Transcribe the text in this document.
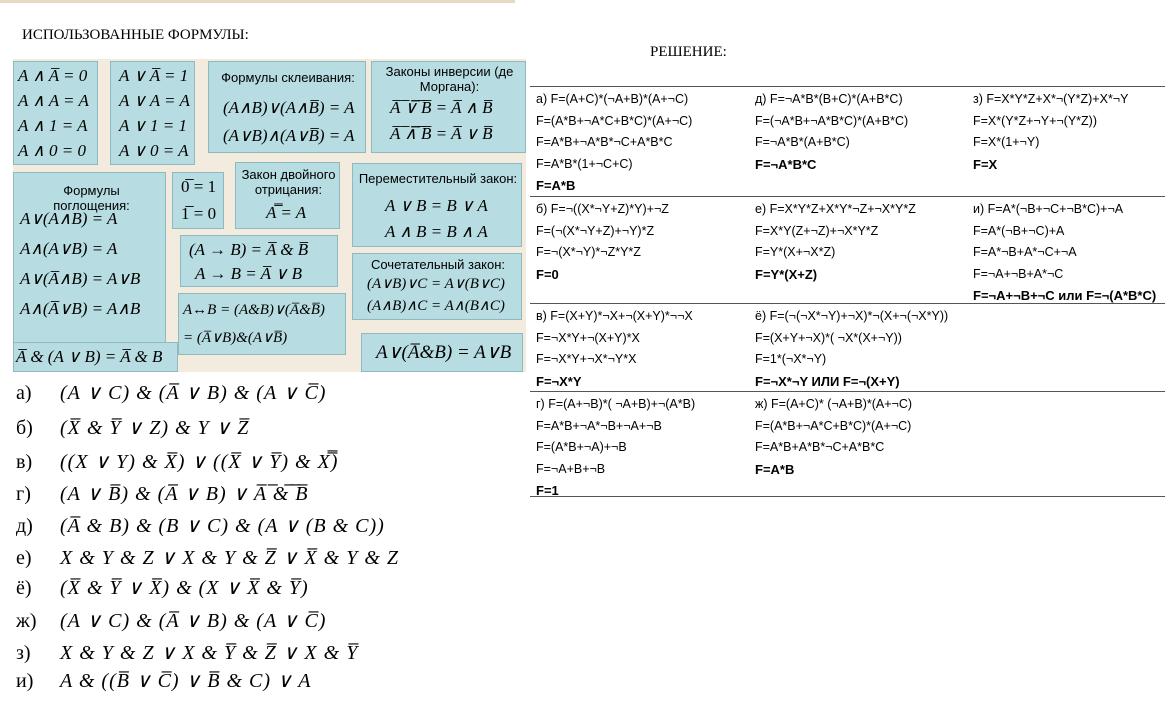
ИСПОЛЬЗОВАННЫЕ ФОРМУЛЫ:
РЕШЕНИЕ:
A ∧ A̅ = 0
A ∧ A = A
A ∧ 1 = A
A ∧ 0 = 0
A ∨ A̅ = 1
A ∨ A = A
A ∨ 1 = 1
A ∨ 0 = A
Формулы склеивания:
(A∧B)∨(A∧B̅) = A
(A∨B)∧(A∨B̅) = A
Законы инверсии (де Моргана):
A̅ ̅∨̅ ̅B̅ = A̅ ∧ B̅
A̅ ̅∧̅ ̅B̅ = A̅ ∨ B̅
Формулы поглощения:
A∨(A∧B) = A
A∧(A∨B) = A
A∨(A̅∧B) = A∨B
A∧(A̅∨B) = A∧B
0̅ = 1
1̅ = 0
Закон двойного отрицания:
A̿ = A
Переместительный закон:
A ∨ B = B ∨ A
A ∧ B = B ∧ A
(A → B) = A̅ & B̅
A → B = A̅ ∨ B	Сочетательный закон:
(A∨B)∨C = A∨(B∨C)
(A∧B)∧C = A∧(B∧C)
A↔B = (A&B)∨(A̅&B̅)
= (A̅∨B)&(A∨B̅)
A̅ & (A ∨ B) = A̅ & B	A∨(A̅&B) = A∨B
а) (A ∨ C) & (A̅ ∨ B) & (A ∨ C̅)
б) (X̅ & Y̅ ∨ Z) & Y ∨ Z̅
в) ((X ∨ Y) & X̅) ∨ ((X̅ ∨ Y̅) & X̿)
г) (A ∨ B̅) & (A̅ ∨ B) ∨ A̅ ̅&̅ ̅B̅
д) (A̅ & B) & (B ∨ C) & (A ∨ (B & C))
е) X & Y & Z ∨ X & Y & Z̅ ∨ X̅ & Y & Z
ё) (X̅ & Y̅ ∨ X̅) & (X ∨ X̅ & Y̅)
ж) (A ∨ C) & (A̅ ∨ B) & (A ∨ C̅)
з) X & Y & Z ∨ X & Y̅ & Z̅ ∨ X & Y̅
и) A & ((B̅ ∨ C̅) ∨ B̅ & C) ∨ A
а) F=(A+C)*(¬A+B)*(A+¬C)
F=(A*B+¬A*C+B*C)*(A+¬C)
F=A*B+¬A*B*¬C+A*B*C
F=A*B*(1+¬C+C)
F=A*B
д) F=¬A*B*(B+C)*(A+B*C)
F=(¬A*B+¬A*B*C)*(A+B*C)
F=¬A*B*(A+B*C)
F=¬A*B*C
з) F=X*Y*Z+X*¬(Y*Z)+X*¬Y
F=X*(Y*Z+¬Y+¬(Y*Z))
F=X*(1+¬Y)
F=X
б) F=¬((X*¬Y+Z)*Y)+¬Z
F=(¬(X*¬Y+Z)+¬Y)*Z
F=¬(X*¬Y)*¬Z*Y*Z
F=0
е) F=X*Y*Z+X*Y*¬Z+¬X*Y*Z
F=X*Y(Z+¬Z)+¬X*Y*Z
F=Y*(X+¬X*Z)
F=Y*(X+Z)
и) F=A*(¬B+¬C+¬B*C)+¬A
F=A*(¬B+¬C)+A
F=A*¬B+A*¬C+¬A
F=¬A+¬B+A*¬C
F=¬A+¬B+¬C или F=¬(A*B*C)
в) F=(X+Y)*¬X+¬(X+Y)*¬¬X
F=¬X*Y+¬(X+Y)*X
F=¬X*Y+¬X*¬Y*X
F=¬X*Y
ё) F=(¬(¬X*¬Y)+¬X)*¬(X+¬(¬X*Y))
F=(X+Y+¬X)*( ¬X*(X+¬Y))
F=1*(¬X*¬Y)
F=¬X*¬Y ИЛИ F=¬(X+Y)
г) F=(A+¬B)*( ¬A+B)+¬(A*B)
F=A*B+¬A*¬B+¬A+¬B
F=(A*B+¬A)+¬B
F=¬A+B+¬B
F=1
ж) F=(A+C)* (¬A+B)*(A+¬C)
F=(A*B+¬A*C+B*C)*(A+¬C)
F=A*B+A*B*¬C+A*B*C
F=A*B
